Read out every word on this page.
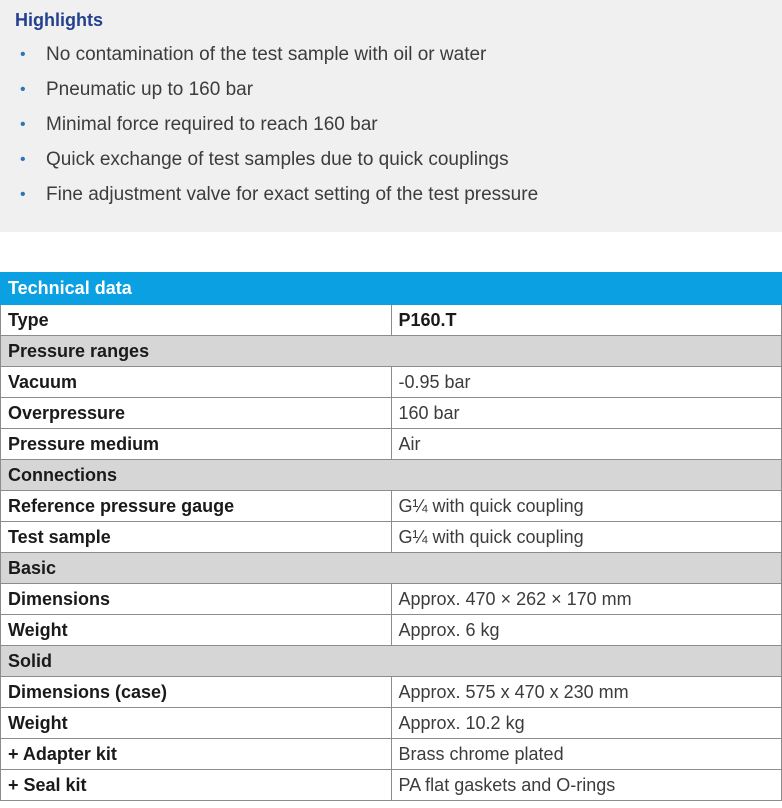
Highlights
• No contamination of the test sample with oil or water
• Pneumatic up to 160 bar
• Minimal force required to reach 160 bar
• Quick exchange of test samples due to quick couplings
• Fine adjustment valve for exact setting of the test pressure
Technical data	
Type	P160.T
Pressure ranges	
Vacuum	-0.95 bar
Overpressure	160 bar
Pressure medium	Air
Connections	
Reference pressure gauge	G¼ with quick coupling
Test sample	G¼ with quick coupling
Basic	
Dimensions	Approx. 470 × 262 × 170 mm
Weight	Approx. 6 kg
Solid	
Dimensions (case)	Approx. 575 x 470 x 230 mm
Weight	Approx. 10.2 kg
+ Adapter kit	Brass chrome plated
+ Seal kit	PA flat gaskets and O-rings
